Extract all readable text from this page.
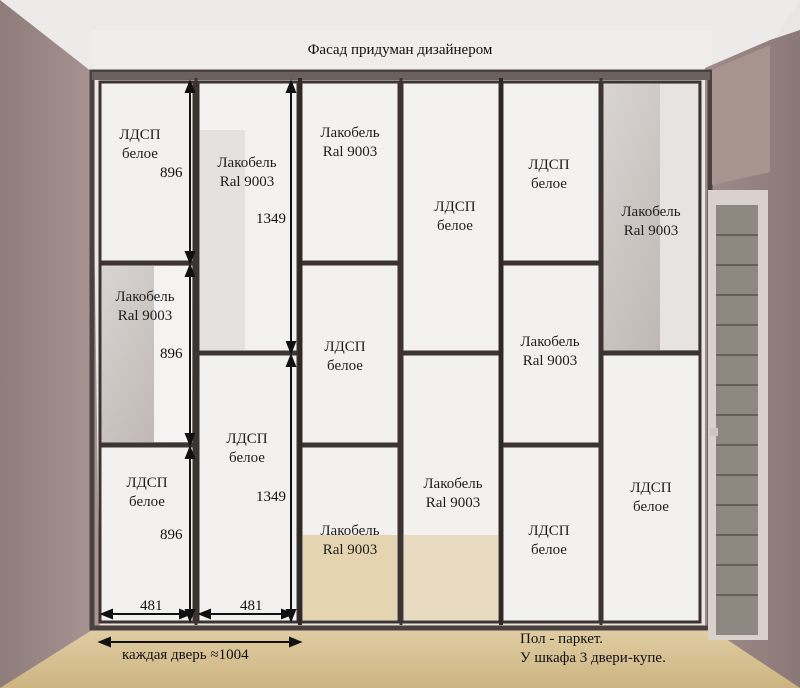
Фасад придуман дизайнером
ЛДСП
белое
Лакобель
Ral 9003
ЛДСП
белое
Лакобель
Ral 9003
ЛДСП
белое
Лакобель
Ral 9003
ЛДСП
белое
Лакобель
Ral 9003
ЛДСП
белое
Лакобель
Ral 9003
ЛДСП
белое
Лакобель
Ral 9003
ЛДСП
белое
Лакобель
Ral 9003
ЛДСП
белое
896
896
896
1349
1349
481	481
каждая дверь ≈1004
Пол - паркет.
У шкафа 3 двери-купе.
